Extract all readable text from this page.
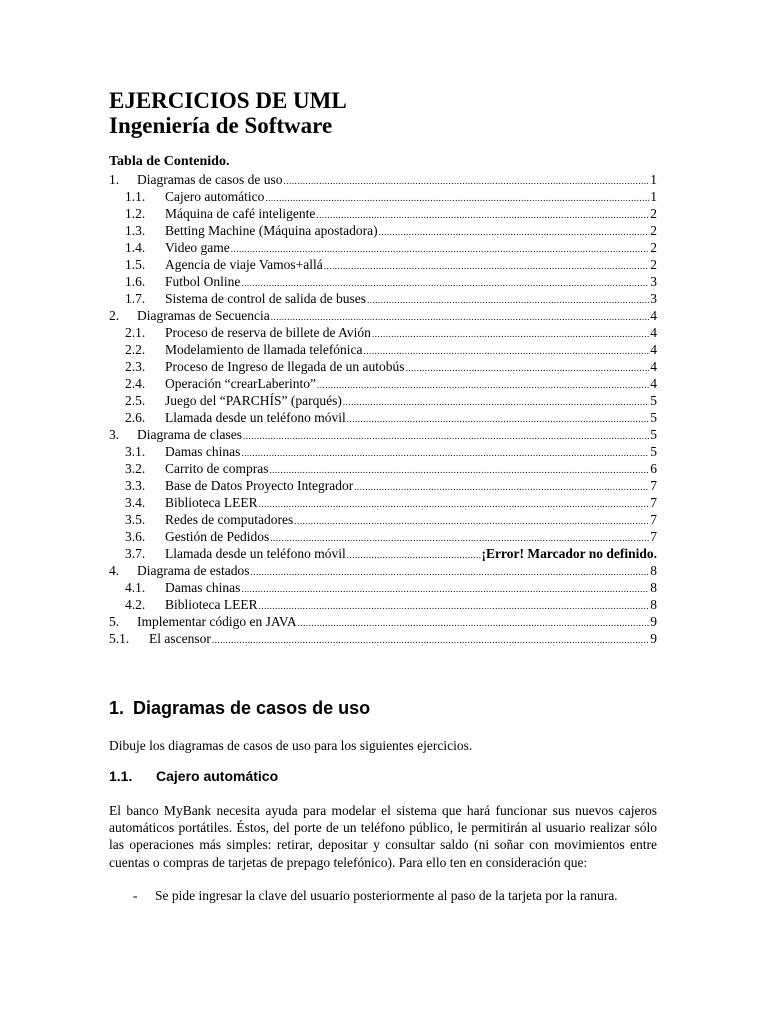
EJERCICIOS DE UML
Ingeniería de Software
Tabla de Contenido.
1.	Diagramas de casos de uso .....	1
1.1.	Cajero automático .....	1
1.2.	Máquina de café inteligente .....	2
1.3.	Betting Machine (Máquina apostadora) .....	2
1.4.	Video game .....	2
1.5.	Agencia de viaje Vamos+allá .....	2
1.6.	Futbol Online .....	3
1.7.	Sistema de control de salida de buses .....	3
2.	Diagramas de Secuencia .....	4
2.1.	Proceso de reserva de billete de Avión .....	4
2.2.	Modelamiento de llamada telefónica .....	4
2.3.	Proceso de Ingreso de llegada de un autobús .....	4
2.4.	Operación “crearLaberinto” .....	4
2.5.	Juego del “PARCHÍS” (parqués) .....	5
2.6.	Llamada desde un teléfono móvil .....	5
3.	Diagrama de clases .....	5
3.1.	Damas chinas .....	5
3.2.	Carrito de compras .....	6
3.3.	Base de Datos Proyecto Integrador .....	7
3.4.	Biblioteca LEER .....	7
3.5.	Redes de computadores .....	7
3.6.	Gestión de Pedidos .....	7
3.7.	Llamada desde un teléfono móvil .....	¡Error! Marcador no definido.
4.	Diagrama de estados .....	8
4.1.	Damas chinas .....	8
4.2.	Biblioteca LEER .....	8
5.	Implementar código en JAVA .....	9
5.1.	El ascensor .....	9
1. Diagramas de casos de uso
Dibuje los diagramas de casos de uso para los siguientes ejercicios.
1.1. Cajero automático
El banco MyBank necesita ayuda para modelar el sistema que hará funcionar sus nuevos cajeros automáticos portátiles. Éstos, del porte de un teléfono público, le permitirán al usuario realizar sólo las operaciones más simples: retirar, depositar y consultar saldo (ni soñar con movimientos entre cuentas o compras de tarjetas de prepago telefónico). Para ello ten en consideración que:
- Se pide ingresar la clave del usuario posteriormente al paso de la tarjeta por la ranura.
